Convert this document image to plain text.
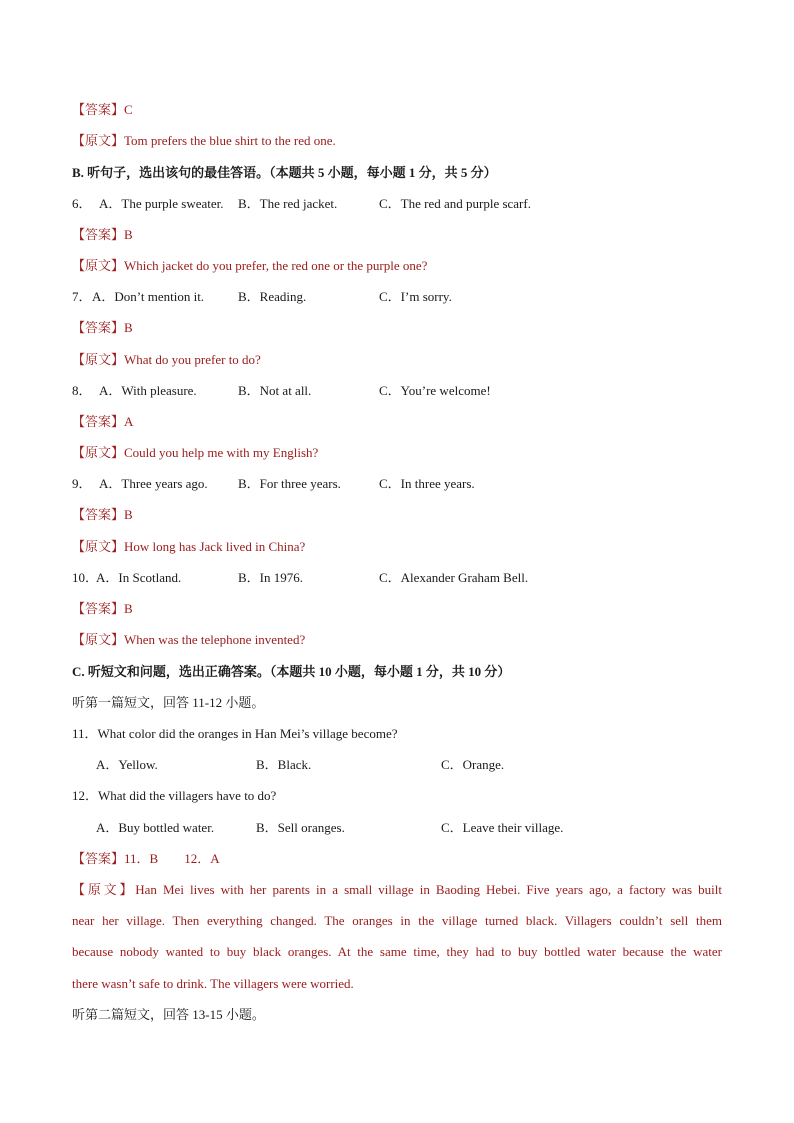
【答案】C
【原文】Tom prefers the blue shirt to the red one.
B. 听句子，选出该句的最佳答语。（本题共 5 小题，每小题 1 分，共 5 分）
6． A．The purple sweater. B．The red jacket.	C．The red and purple scarf.
【答案】B
【原文】Which jacket do you prefer, the red one or the purple one?
7． A．Don’t mention it.	B．Reading.	C．I’m sorry.
【答案】B
【原文】What do you prefer to do?
8． A．With pleasure.	B．Not at all.	C．You’re welcome!
【答案】A
【原文】Could you help me with my English?
9． A．Three years ago. B．For three years.	C．In three years.
【答案】B
【原文】How long has Jack lived in China?
10．
A．In Scotland.	B．In 1976.	C．Alexander Graham Bell.
【答案】B
【原文】When was the telephone invented?
C. 听短文和问题，选出正确答案。（本题共 10 小题，每小题 1 分，共 10 分）
听第一篇短文，回答 11-12 小题。
11．What color did the oranges in Han Mei’s village become?
A．Yellow.	B．Black.	C．Orange.
12．What did the villagers have to do?
A．Buy bottled water.	B．Sell oranges.	C．Leave their village.
【答案】11．B　　12．A
【原文】Han Mei lives with her parents in a small village in Baoding Hebei. Five years ago, a factory was built
near her village. Then everything changed. The oranges in the village turned black. Villagers couldn’t sell them
because nobody wanted to buy black oranges. At the same time, they had to buy bottled water because the water
there wasn’t safe to drink. The villagers were worried.
听第二篇短文，回答 13-15 小题。
